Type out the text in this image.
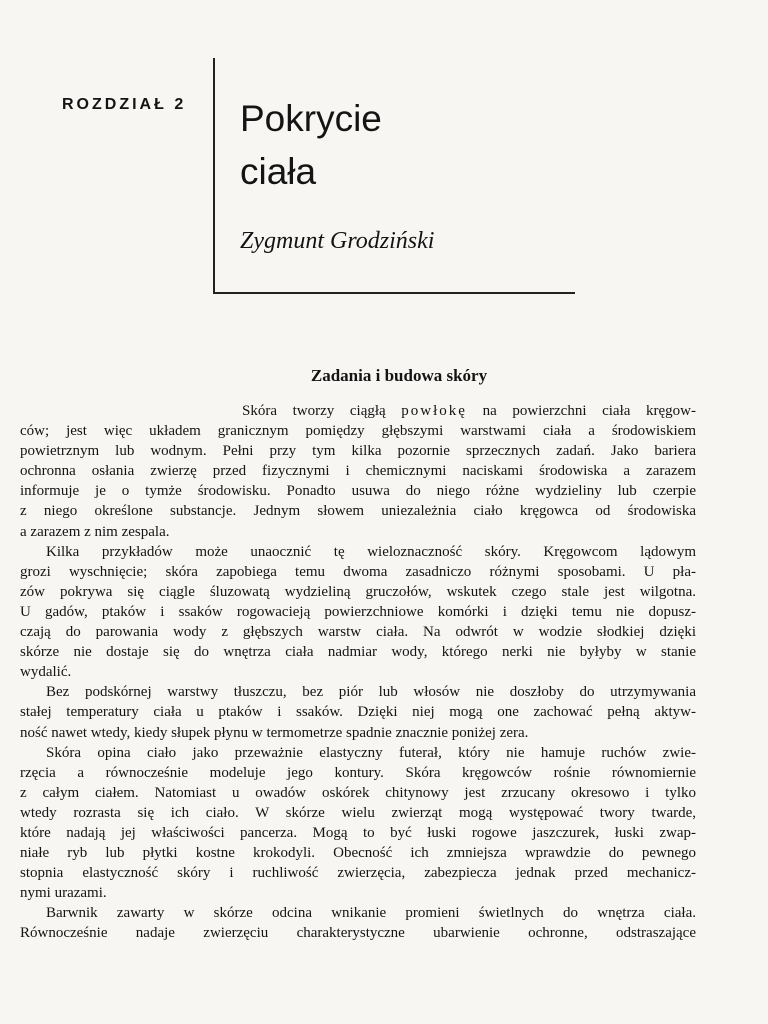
ROZDZIAŁ 2 Pokrycie
ciała
Zygmunt Grodziński
Zadania i budowa skóry
Skóra tworzy ciągłą powłokę na powierzchni ciała kręgow-
ców; jest więc układem granicznym pomiędzy głębszymi warstwami ciała a środowiskiem
powietrznym lub wodnym. Pełni przy tym kilka pozornie sprzecznych zadań. Jako bariera
ochronna osłania zwierzę przed fizycznymi i chemicznymi naciskami środowiska a zarazem
informuje je o tymże środowisku. Ponadto usuwa do niego różne wydzieliny lub czerpie
z niego określone substancje. Jednym słowem uniezależnia ciało kręgowca od środowiska
a zarazem z nim zespala.
Kilka przykładów może unaocznić tę wieloznaczność skóry. Kręgowcom lądowym
grozi wyschnięcie; skóra zapobiega temu dwoma zasadniczo różnymi sposobami. U pła-
zów pokrywa się ciągle śluzowatą wydzieliną gruczołów, wskutek czego stale jest wilgotna.
U gadów, ptaków i ssaków rogowacieją powierzchniowe komórki i dzięki temu nie dopusz-
czają do parowania wody z głębszych warstw ciała. Na odwrót w wodzie słodkiej dzięki
skórze nie dostaje się do wnętrza ciała nadmiar wody, którego nerki nie byłyby w stanie
wydalić.
Bez podskórnej warstwy tłuszczu, bez piór lub włosów nie doszłoby do utrzymywania
stałej temperatury ciała u ptaków i ssaków. Dzięki niej mogą one zachować pełną aktyw-
ność nawet wtedy, kiedy słupek płynu w termometrze spadnie znacznie poniżej zera.
Skóra opina ciało jako przeważnie elastyczny futerał, który nie hamuje ruchów zwie-
rzęcia a równocześnie modeluje jego kontury. Skóra kręgowców rośnie równomiernie
z całym ciałem. Natomiast u owadów oskórek chitynowy jest zrzucany okresowo i tylko
wtedy rozrasta się ich ciało. W skórze wielu zwierząt mogą występować twory twarde,
które nadają jej właściwości pancerza. Mogą to być łuski rogowe jaszczurek, łuski zwap-
niałe ryb lub płytki kostne krokodyli. Obecność ich zmniejsza wprawdzie do pewnego
stopnia elastyczność skóry i ruchliwość zwierzęcia, zabezpiecza jednak przed mechanicz-
nymi urazami.
Barwnik zawarty w skórze odcina wnikanie promieni świetlnych do wnętrza ciała.
Równocześnie nadaje zwierzęciu charakterystyczne ubarwienie ochronne, odstraszające
